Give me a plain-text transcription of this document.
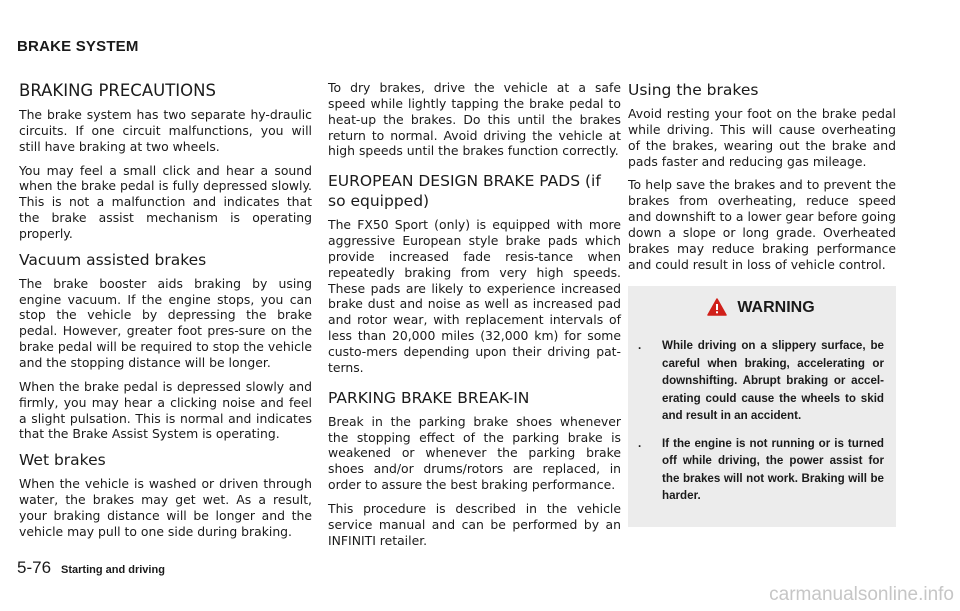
BRAKE SYSTEM
BRAKING PRECAUTIONS

The brake system has two separate hy-draulic circuits. If one circuit malfunctions, you will still have braking at two wheels.

You may feel a small click and hear a sound when the brake pedal is fully depressed slowly. This is not a malfunction and indicates that the brake assist mechanism is operating properly.

Vacuum assisted brakes

The brake booster aids braking by using engine vacuum. If the engine stops, you can stop the vehicle by depressing the brake pedal. However, greater foot pres-sure on the brake pedal will be required to stop the vehicle and the stopping distance will be longer.

When the brake pedal is depressed slowly and firmly, you may hear a clicking noise and feel a slight pulsation. This is normal and indicates that the Brake Assist System is operating.

Wet brakes

When the vehicle is washed or driven through water, the brakes may get wet. As a result, your braking distance will be longer and the vehicle may pull to one side during braking.

To dry brakes, drive the vehicle at a safe speed while lightly tapping the brake pedal to heat-up the brakes. Do this until the brakes return to normal. Avoid driving the vehicle at high speeds until the brakes function correctly.

EUROPEAN DESIGN BRAKE PADS (if so equipped)

The FX50 Sport (only) is equipped with more aggressive European style brake pads which provide increased fade resis-tance when repeatedly braking from very high speeds. These pads are likely to experience increased brake dust and noise as well as increased pad and rotor wear, with replacement intervals of less than 20,000 miles (32,000 km) for some custo-mers depending upon their driving pat-terns.

PARKING BRAKE BREAK-IN

Break in the parking brake shoes whenever the stopping effect of the parking brake is weakened or whenever the parking brake shoes and/or drums/rotors are replaced, in order to assure the best braking performance.

This procedure is described in the vehicle service manual and can be performed by an INFINITI retailer.

Using the brakes

Avoid resting your foot on the brake pedal while driving. This will cause overheating of the brakes, wearing out the brake and pads faster and reducing gas mileage.

To help save the brakes and to prevent the brakes from overheating, reduce speed and downshift to a lower gear before going down a slope or long grade. Overheated brakes may reduce braking performance and could result in loss of vehicle control.

WARNING
.	While driving on a slippery surface, be careful when braking, accelerating or downshifting. Abrupt braking or accel-erating could cause the wheels to skid and result in an accident.
.	If the engine is not running or is turned off while driving, the power assist for the brakes will not work. Braking will be harder.
5-76 Starting and driving
carmanualsonline.info
